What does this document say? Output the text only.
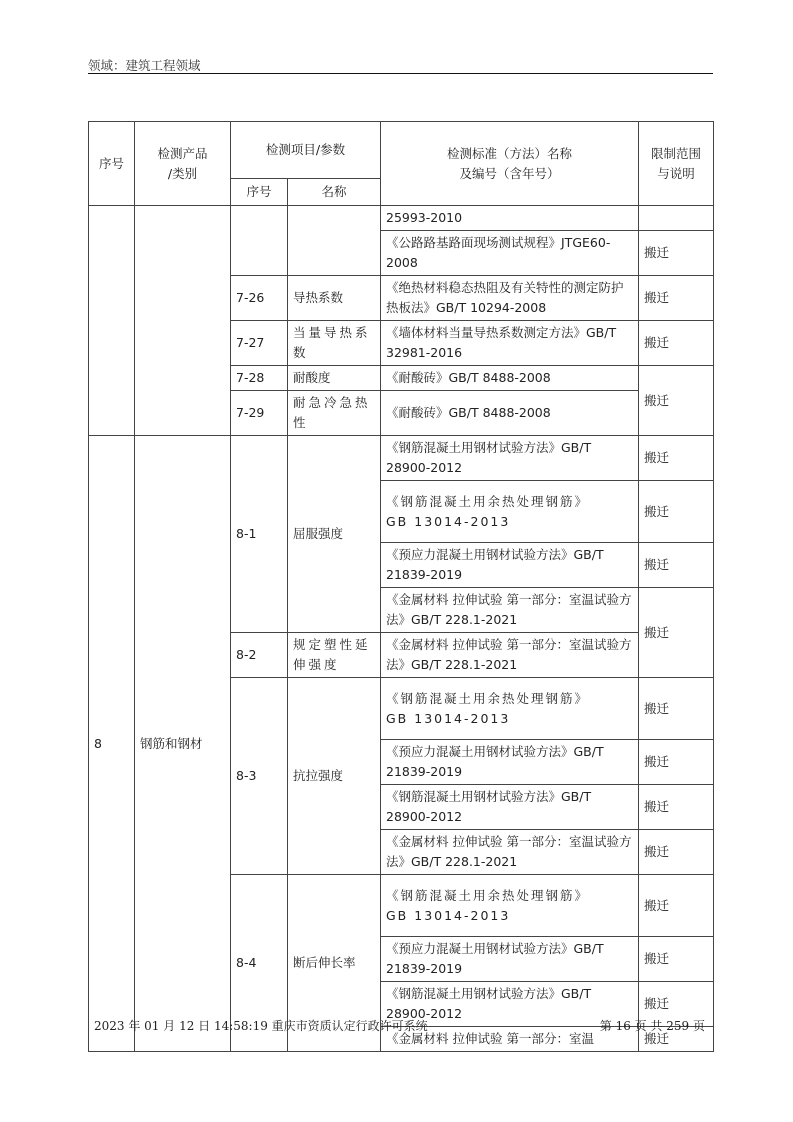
领域：建筑工程领域
序号	检测产品
/类别	检测项目/参数		检测标准（方法）名称
及编号（含年号）	限制范围
与说明
		序号	名称		
				25993-2010	
				《公路路基路面现场测试规程》JTGE60-2008	搬迁
		7-26	导热系数	《绝热材料稳态热阻及有关特性的测定防护热板法》GB/T 10294-2008	搬迁
		7-27	当量导热系数	《墙体材料当量导热系数测定方法》GB/T 32981-2016	搬迁
		7-28	耐酸度	《耐酸砖》GB/T 8488-2008	搬迁
		7-29	耐急冷急热性	《耐酸砖》GB/T 8488-2008	

8	钢筋和钢材	8-1	屈服强度	《钢筋混凝土用钢材试验方法》GB/T 28900-2012	搬迁
				《钢筋混凝土用余热处理钢筋》
GB 13014-2013	搬迁
				《预应力混凝土用钢材试验方法》GB/T 21839-2019	搬迁
				《金属材料 拉伸试验 第一部分：室温试验方法》GB/T 228.1-2021	搬迁
		8-2	规定塑性延伸强度	《金属材料 拉伸试验 第一部分：室温试验方法》GB/T 228.1-2021	
		8-3	抗拉强度	《钢筋混凝土用余热处理钢筋》
GB 13014-2013	搬迁
				《预应力混凝土用钢材试验方法》GB/T 21839-2019	搬迁
				《钢筋混凝土用钢材试验方法》GB/T 28900-2012	搬迁
				《金属材料 拉伸试验 第一部分：室温试验方法》GB/T 228.1-2021	搬迁
		8-4	断后伸长率	《钢筋混凝土用余热处理钢筋》
GB 13014-2013	搬迁
				《预应力混凝土用钢材试验方法》GB/T 21839-2019	搬迁
				《钢筋混凝土用钢材试验方法》GB/T 28900-2012	搬迁
				《金属材料 拉伸试验 第一部分：室温	搬迁
2023 年 01 月 12 日 14:58:19 重庆市资质认定行政许可系统	第 16 页 共 259 页
